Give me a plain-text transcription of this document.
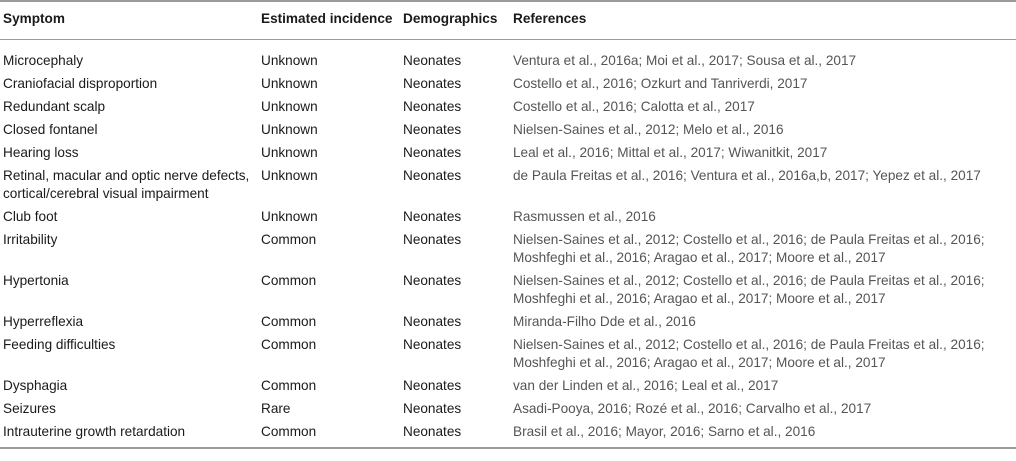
Symptom	Estimated incidence	Demographics	References
Microcephaly	Unknown	Neonates	Ventura et al., 2016a; Moi et al., 2017; Sousa et al., 2017
Craniofacial disproportion	Unknown	Neonates	Costello et al., 2016; Ozkurt and Tanriverdi, 2017
Redundant scalp	Unknown	Neonates	Costello et al., 2016; Calotta et al., 2017
Closed fontanel	Unknown	Neonates	Nielsen-Saines et al., 2012; Melo et al., 2016
Hearing loss	Unknown	Neonates	Leal et al., 2016; Mittal et al., 2017; Wiwanitkit, 2017
Retinal, macular and optic nerve defects,
cortical/cerebral visual impairment	Unknown	Neonates	de Paula Freitas et al., 2016; Ventura et al., 2016a,b, 2017; Yepez et al., 2017
Club foot	Unknown	Neonates	Rasmussen et al., 2016
Irritability	Common	Neonates	Nielsen-Saines et al., 2012; Costello et al., 2016; de Paula Freitas et al., 2016;
Moshfeghi et al., 2016; Aragao et al., 2017; Moore et al., 2017
Hypertonia	Common	Neonates	Nielsen-Saines et al., 2012; Costello et al., 2016; de Paula Freitas et al., 2016;
Moshfeghi et al., 2016; Aragao et al., 2017; Moore et al., 2017
Hyperreflexia	Common	Neonates	Miranda-Filho Dde et al., 2016
Feeding difficulties	Common	Neonates	Nielsen-Saines et al., 2012; Costello et al., 2016; de Paula Freitas et al., 2016;
Moshfeghi et al., 2016; Aragao et al., 2017; Moore et al., 2017
Dysphagia	Common	Neonates	van der Linden et al., 2016; Leal et al., 2017
Seizures	Rare	Neonates	Asadi-Pooya, 2016; Rozé et al., 2016; Carvalho et al., 2017
Intrauterine growth retardation	Common	Neonates	Brasil et al., 2016; Mayor, 2016; Sarno et al., 2016
